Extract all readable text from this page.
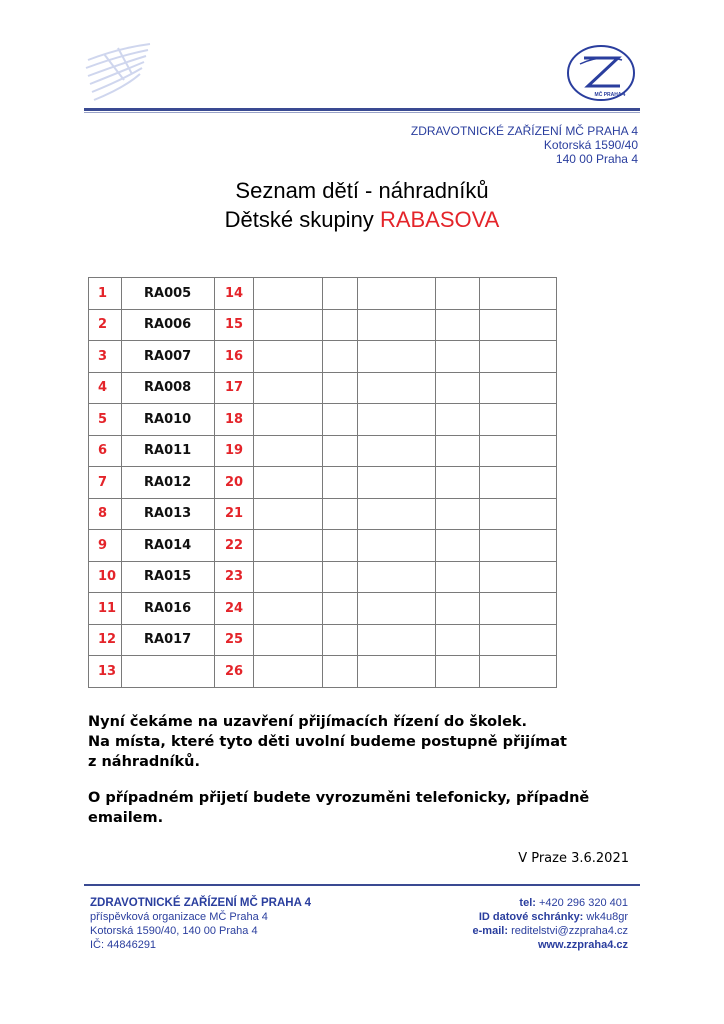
MČ PRAHA 4
ZDRAVOTNICKÉ ZAŘÍZENÍ MČ PRAHA 4
Kotorská 1590/40
140 00 Praha 4
Seznam dětí - náhradníků
Dětské skupiny RABASOVA
1	RA005	14					
2	RA006	15					
3	RA007	16					
4	RA008	17					
5	RA010	18					
6	RA011	19					
7	RA012	20					
8	RA013	21					
9	RA014	22					
10	RA015	23					
11	RA016	24					
12	RA017	25					
13		26					

Nyní čekáme na uzavření přijímacích řízení do školek.
Na místa, které tyto děti uvolní budeme postupně přijímat
z náhradníků.

O případném přijetí budete vyrozuměni telefonicky, případně
emailem.

V Praze 3.6.2021
ZDRAVOTNICKÉ ZAŘÍZENÍ MČ PRAHA 4
příspěvková organizace MČ Praha 4
Kotorská 1590/40, 140 00 Praha 4
IČ: 44846291
tel: +420 296 320 401
ID datové schránky: wk4u8gr
e-mail: reditelstvi@zzpraha4.cz
www.zzpraha4.cz
